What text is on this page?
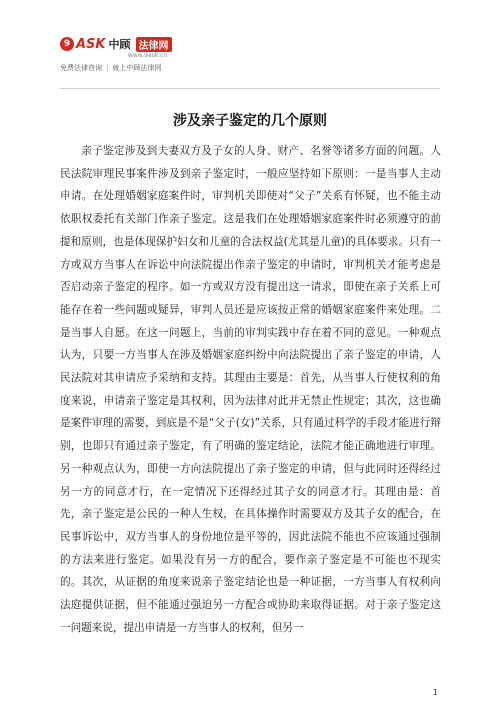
9 ASK 中顾 法律网
www.9ask.cn
免费法律咨询 | 就上中顾法律网
涉及亲子鉴定的几个原则

亲子鉴定涉及到夫妻双方及子女的人身、财产、名誉等诸多方面的问题。人民法院审理民事案件涉及到亲子鉴定时，一般应坚持如下原则：一是当事人主动申请。在处理婚姻家庭案件时，审判机关即使对“父子”关系有怀疑，也不能主动依职权委托有关部门作亲子鉴定。这是我们在处理婚姻家庭案件时必须遵守的前提和原则，也是体现保护妇女和儿童的合法权益(尤其是儿童)的具体要求。只有一方或双方当事人在诉讼中向法院提出作亲子鉴定的申请时，审判机关才能考虑是否启动亲子鉴定的程序。如一方或双方没有提出这一请求，即使在亲子关系上可能存在着一些问题或疑异，审判人员还是应该按正常的婚姻家庭案件来处理。二是当事人自愿。在这一问题上，当前的审判实践中存在着不同的意见。一种观点认为，只要一方当事人在涉及婚姻家庭纠纷中向法院提出了亲子鉴定的申请，人民法院对其申请应予采纳和支持。其理由主要是：首先，从当事人行使权利的角度来说，申请亲子鉴定是其权利，因为法律对此并无禁止性规定；其次，这也确是案件审理的需要，到底是不是“父子(女)”关系，只有通过科学的手段才能进行辩别，也即只有通过亲子鉴定，有了明确的鉴定结论，法院才能正确地进行审理。另一种观点认为，即使一方向法院提出了亲子鉴定的申请，但与此同时还得经过另一方的同意才行，在一定情况下还得经过其子女的同意才行。其理由是：首先，亲子鉴定是公民的一种人生权，在具体操作时需要双方及其子女的配合，在民事诉讼中，双方当事人的身份地位是平等的，因此法院不能也不应该通过强制的方法来进行鉴定。如果没有另一方的配合，要作亲子鉴定是不可能也不现实的。其次，从证据的角度来说亲子鉴定结论也是一种证据，一方当事人有权利向法庭提供证据，但不能通过强迫另一方配合或协助来取得证据。对于亲子鉴定这一问题来说，提出申请是一方当事人的权利，但另一

1
